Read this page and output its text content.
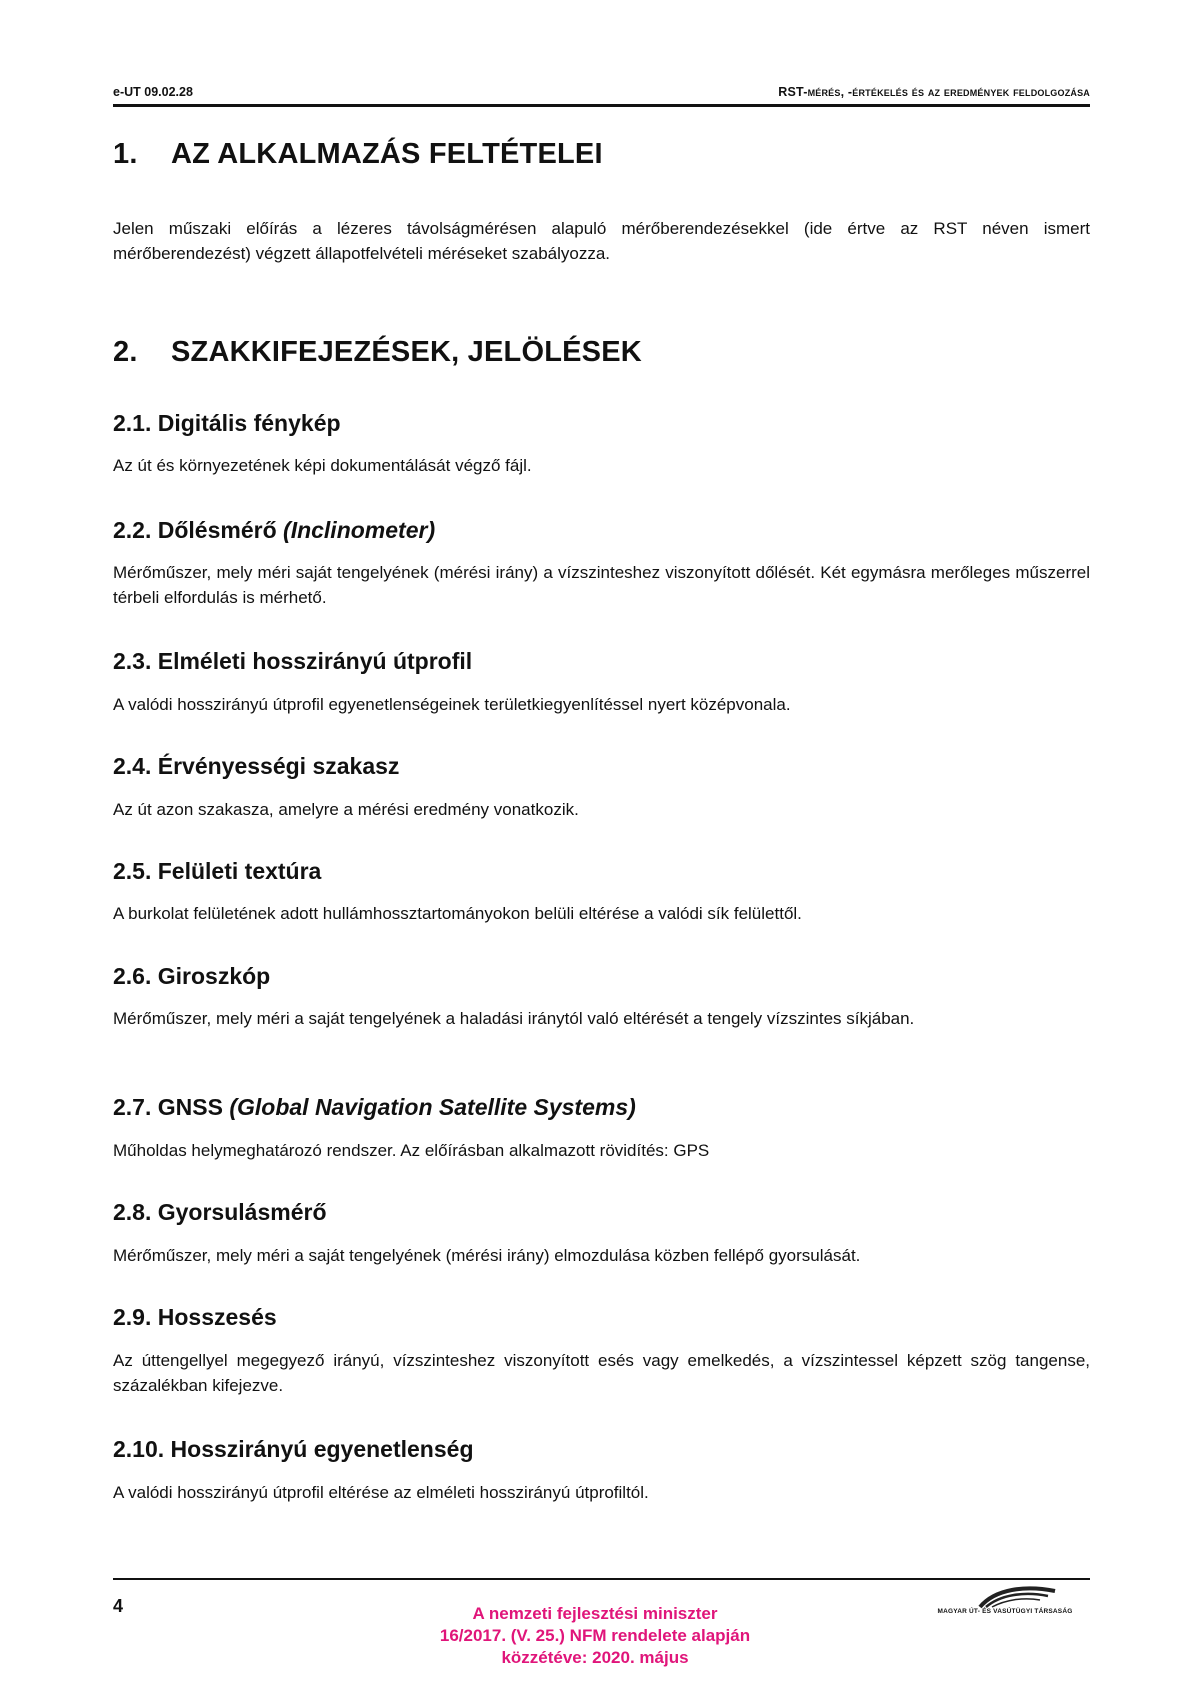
e-UT 09.02.28	RST-mérés, -értékelés és az eredmények feldolgozása
1. AZ ALKALMAZÁS FELTÉTELEI

Jelen műszaki előírás a lézeres távolságmérésen alapuló mérőberendezésekkel (ide értve az RST néven ismert mérőberendezést) végzett állapotfelvételi méréseket szabályozza.

2. SZAKKIFEJEZÉSEK, JELÖLÉSEK
2.1. Digitális fénykép

Az út és környezetének képi dokumentálását végző fájl.

2.2. Dőlésmérő (Inclinometer)

Mérőműszer, mely méri saját tengelyének (mérési irány) a vízszinteshez viszonyított dőlését. Két egymásra merőleges műszerrel térbeli elfordulás is mérhető.

2.3. Elméleti hosszirányú útprofil

A valódi hosszirányú útprofil egyenetlenségeinek területkiegyenlítéssel nyert középvonala.

2.4. Érvényességi szakasz

Az út azon szakasza, amelyre a mérési eredmény vonatkozik.

2.5. Felületi textúra

A burkolat felületének adott hullámhossztartományokon belüli eltérése a valódi sík felülettől.

2.6. Giroszkóp

Mérőműszer, mely méri a saját tengelyének a haladási iránytól való eltérését a tengely vízszintes síkjában.

2.7. GNSS (Global Navigation Satellite Systems)

Műholdas helymeghatározó rendszer. Az előírásban alkalmazott rövidítés: GPS

2.8. Gyorsulásmérő

Mérőműszer, mely méri a saját tengelyének (mérési irány) elmozdulása közben fellépő gyorsulását.

2.9. Hosszesés

Az úttengellyel megegyező irányú, vízszinteshez viszonyított esés vagy emelkedés, a vízszintessel képzett szög tangense, százalékban kifejezve.

2.10. Hosszirányú egyenetlenség

A valódi hosszirányú útprofil eltérése az elméleti hosszirányú útprofiltól.

4	A nemzeti fejlesztési miniszter
16/2017. (V. 25.) NFM rendelete alapján
közzétéve: 2020. május
MAGYAR ÚT- ÉS VASÚTÜGYI TÁRSASÁG
